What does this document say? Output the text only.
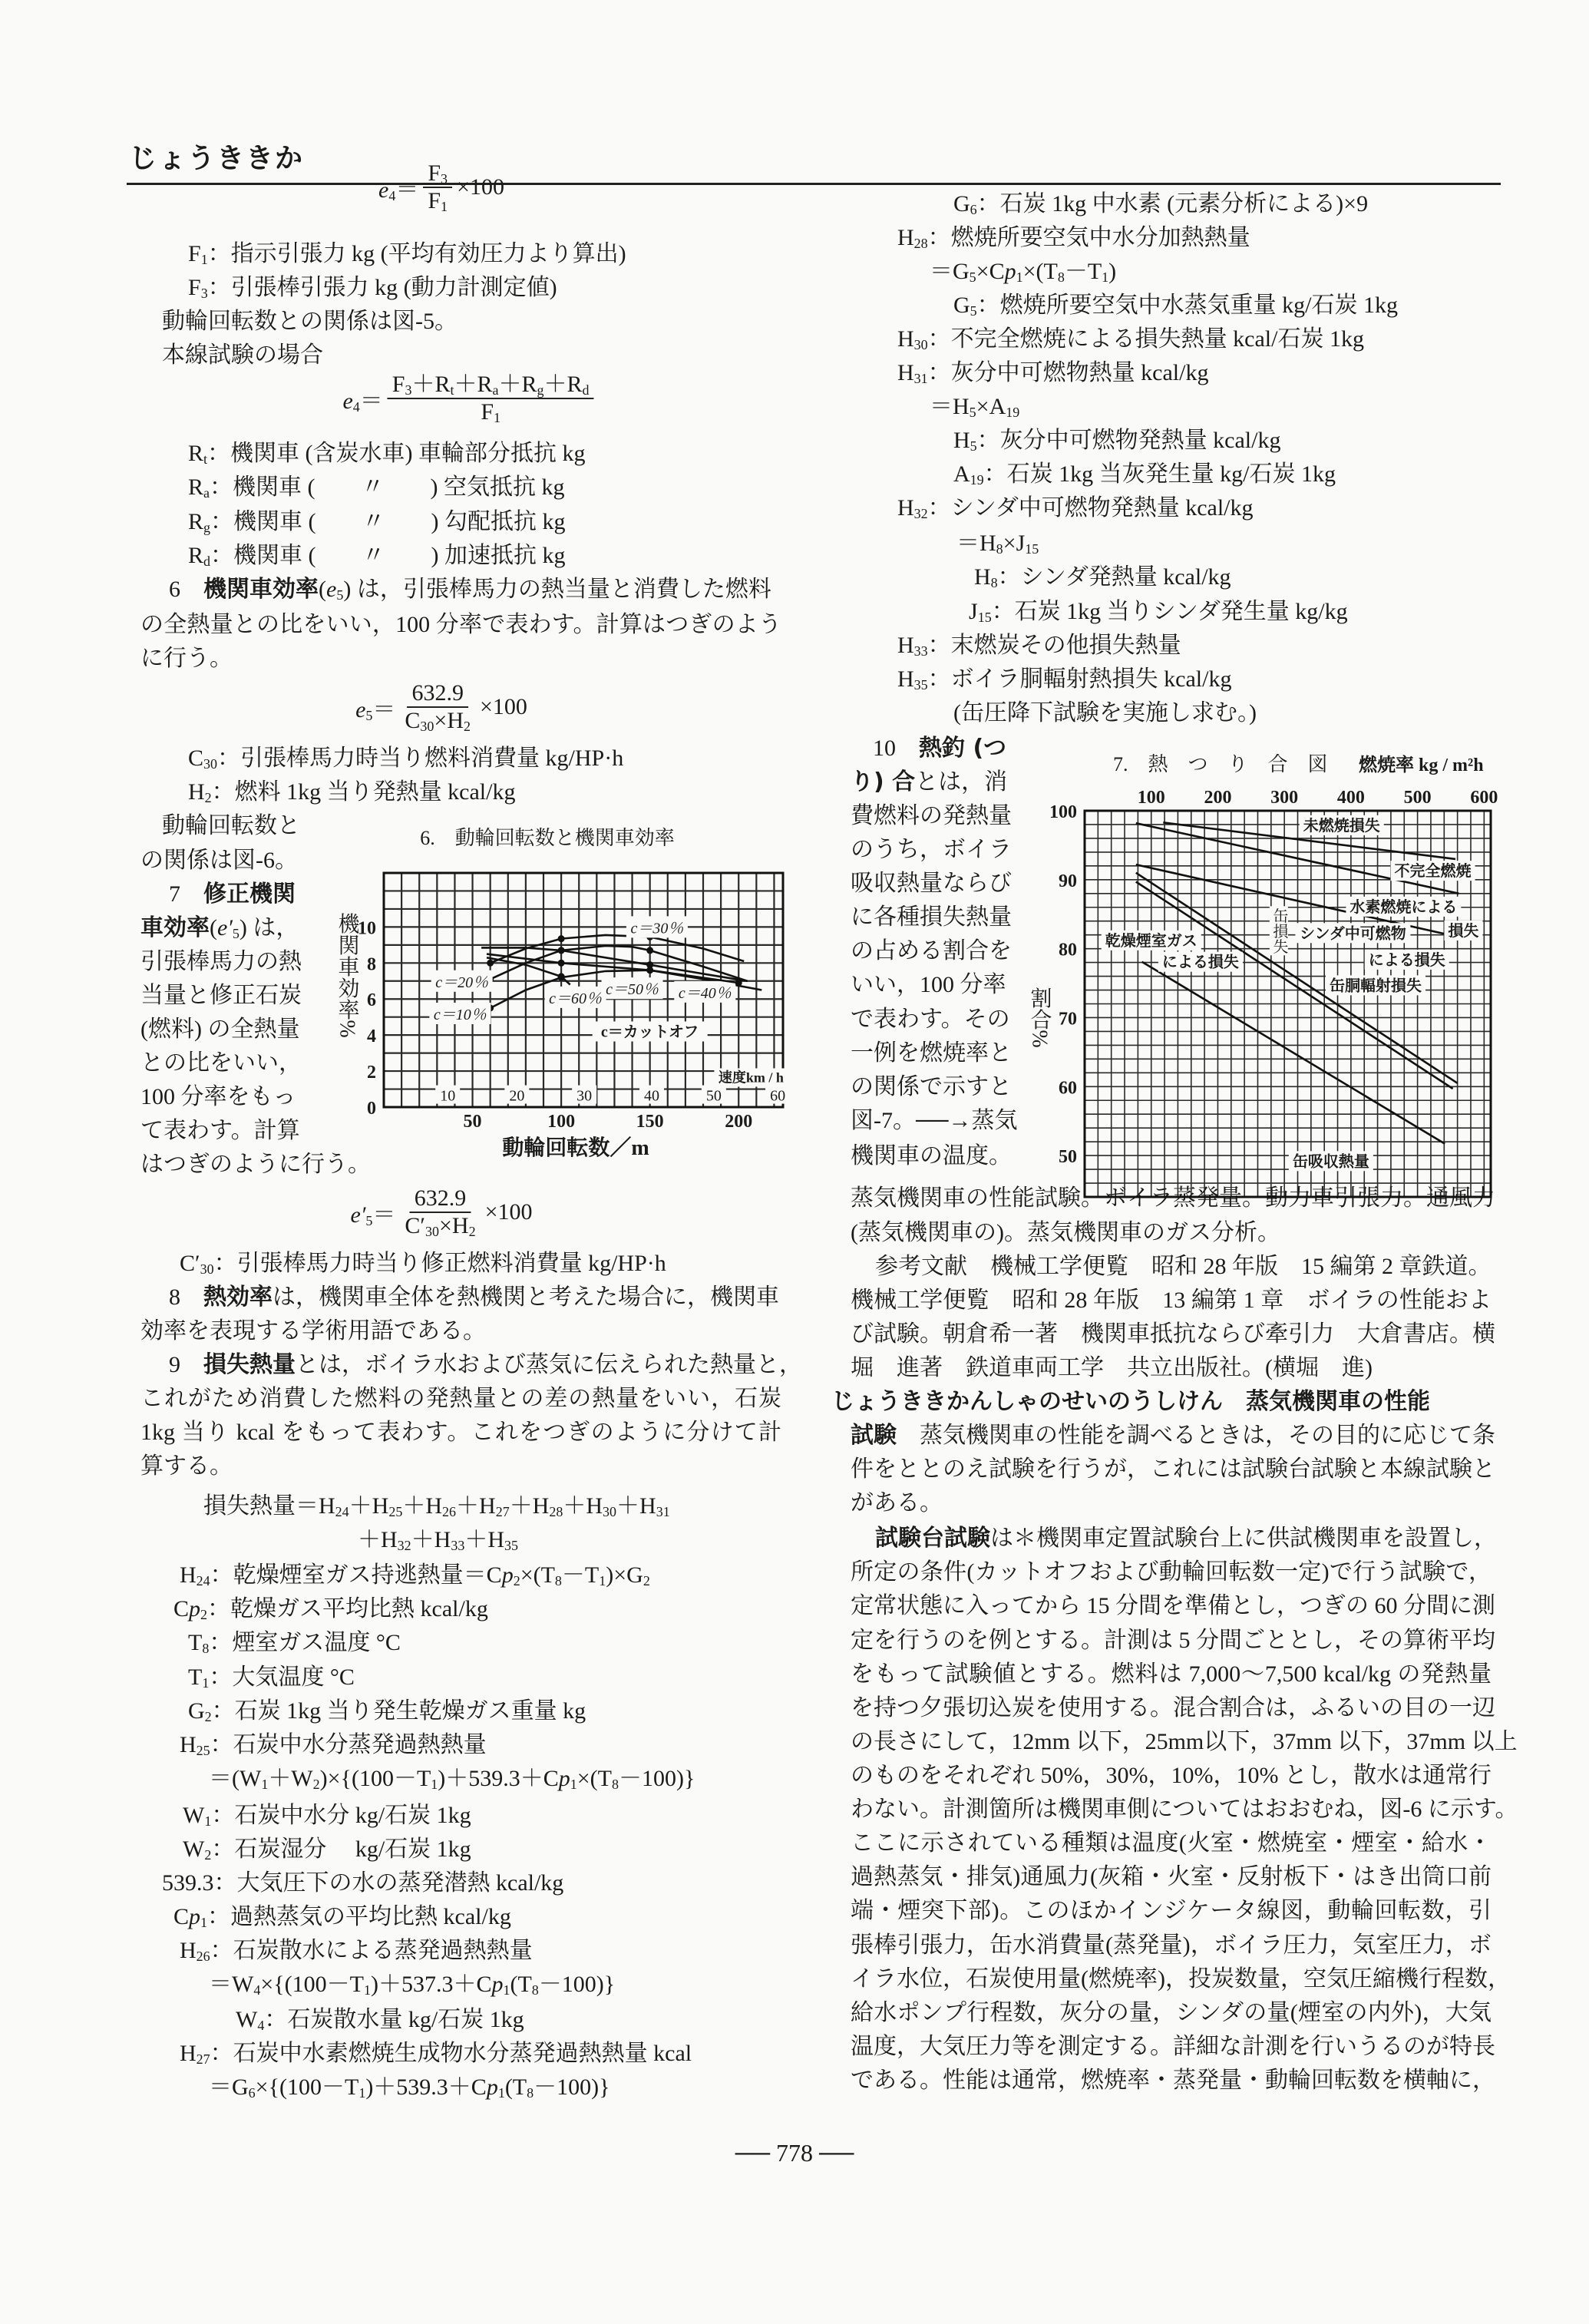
じょうききか
$e_4= \frac{F_3}{F_1} \times 100$
$F_1$：指示引張力 kg (平均有効圧力より算出)
$F_3$：引張棒引張力 kg (動力計測定値)
動輪回転数との関係は図-5。
本線試験の場合
$e_4= \frac{F_3+R_t+R_a+R_g+R_d}{F_1}$
$R_t$：機関車 (含炭水車) 車輪部分抵抗 kg
$R_a$：機関車 (　　〃　　) 空気抵抗 kg
$R_g$：機関車 (　　〃　　) 勾配抵抗 kg
$R_d$：機関車 (　　〃　　) 加速抵抗 kg
6　機関車効率$(e_5)$ は，引張棒馬力の熱当量と消費した燃料
の全熱量との比をいい，100 分率で表わす。計算はつぎのよう
に行う。
$e_5= \frac{632.9}{C_{30}\times H_2} \times 100$
$C_{30}$：引張棒馬力時当り燃料消費量 kg/HP·h
$H_2$：燃料 1kg 当り発熱量 kcal/kg
動輪回転数と
の関係は図-6。
7　修正機関
車効率$(e'_5)$ は，
引張棒馬力の熱
当量と修正石炭
(燃料) の全熱量
との比をいい，
100 分率をもっ
て表わす。計算
はつぎのように行う。
$e'_5= \frac{632.9}{C'_{30}\times H_2} \times 100$
$C'_{30}$：引張棒馬力時当り修正燃料消費量 kg/HP·h
8　熱効率は，機関車全体を熱機関と考えた場合に，機関車
効率を表現する学術用語である。
9　損失熱量とは，ボイラ水および蒸気に伝えられた熱量と，
これがため消費した燃料の発熱量との差の熱量をいい，石炭
1kg 当り kcal をもって表わす。これをつぎのように分けて計
算する。
損失熱量$=H_{24}+H_{25}+H_{26}+H_{27}+H_{28}+H_{30}+H_{31}$
$+H_{32}+H_{33}+H_{35}$
$H_{24}$：乾燥煙室ガス持逃熱量$=Cp_2\times(T_8-T_1)\times G_2$
$Cp_2$：乾燥ガス平均比熱 kcal/kg
$T_8$：煙室ガス温度 °C
$T_1$：大気温度 °C
$G_2$：石炭 1kg 当り発生乾燥ガス重量 kg
$H_{25}$：石炭中水分蒸発過熱熱量
$=(W_1+W_2)\times\{(100-T_1)+539.3+Cp_1\times(T_8-100)\}$
$W_1$：石炭中水分 kg/石炭 1kg
$W_2$：石炭湿分　 kg/石炭 1kg
539.3：大気圧下の水の蒸発潜熱 kcal/kg
$Cp_1$：過熱蒸気の平均比熱 kcal/kg
$H_{26}$：石炭散水による蒸発過熱熱量
$=W_4\times\{(100-T_1)+537.3+Cp_1(T_8-100)\}$
$W_4$：石炭散水量 kg/石炭 1kg
$H_{27}$：石炭中水素燃焼生成物水分蒸発過熱熱量 kcal
$=G_6\times\{(100-T_1)+539.3+Cp_1(T_8-100)\}$
$G_6$：石炭 1kg 中水素 (元素分析による)×9
$H_{28}$：燃焼所要空気中水分加熱熱量
$=G_5\times Cp_1\times(T_8-T_1)$
$G_5$：燃焼所要空気中水蒸気重量 kg/石炭 1kg
$H_{30}$：不完全燃焼による損失熱量 kcal/石炭 1kg
$H_{31}$：灰分中可燃物熱量 kcal/kg
$=H_5\times A_{19}$
$H_5$：灰分中可燃物発熱量 kcal/kg
$A_{19}$：石炭 1kg 当灰発生量 kg/石炭 1kg
$H_{32}$：シンダ中可燃物発熱量 kcal/kg
$=H_8\times J_{15}$
$H_8$：シンダ発熱量 kcal/kg
$J_{15}$：石炭 1kg 当りシンダ発生量 kg/kg
$H_{33}$：末燃炭その他損失熱量
$H_{35}$：ボイラ胴輻射熱損失 kcal/kg
(缶圧降下試験を実施し求む。)
10　熱釣 (つ
り) 合とは，消
費燃料の発熱量
のうち，ボイラ
吸収熱量ならび
に各種損失熱量
の占める割合を
いい，100 分率
で表わす。その
一例を燃焼率と
の関係で示すと
図-7。──→蒸気
機関車の温度。
蒸気機関車の性能試験。ボイラ蒸発量。動力車引張力。通風力
(蒸気機関車の)。蒸気機関車のガス分析。
参考文献　機械工学便覧　昭和 28 年版　15 編第 2 章鉄道。
機械工学便覧　昭和 28 年版　13 編第 1 章　ボイラの性能およ
び試験。朝倉希一著　機関車抵抗ならび牽引力　大倉書店。横
堀　進著　鉄道車両工学　共立出版社。(横堀　進)
じょうききかんしゃのせいのうしけん　蒸気機関車の性能
試験　蒸気機関車の性能を調べるときは，その目的に応じて条
件をととのえ試験を行うが，これには試験台試験と本線試験と
がある。
試験台試験は＊機関車定置試験台上に供試機関車を設置し，
所定の条件(カットオフおよび動輪回転数一定)で行う試験で，
定常状態に入ってから 15 分間を準備とし，つぎの 60 分間に測
定を行うのを例とする。計測は 5 分間ごととし，その算術平均
をもって試験値とする。燃料は 7,000～7,500 kcal/kg の発熱量
を持つ夕張切込炭を使用する。混合割合は，ふるいの目の一辺
の長さにして，12mm 以下，25mm以下，37mm 以下，37mm 以上
のものをそれぞれ 50%，30%，10%，10% とし，散水は通常行
わない。計測箇所は機関車側についてはおおむね，図-6 に示す。
ここに示されている種類は温度(火室・燃焼室・煙室・給水・
過熱蒸気・排気)通風力(灰箱・火室・反射板下・はき出筒口前
端・煙突下部)。このほかインジケータ線図，動輪回転数，引
張棒引張力，缶水消費量(蒸発量)，ボイラ圧力，気室圧力，ボ
イラ水位，石炭使用量(燃焼率)，投炭数量，空気圧縮機行程数，
給水ポンプ行程数，灰分の量，シンダの量(煙室の内外)，大気
温度，大気圧力等を測定する。詳細な計測を行いうるのが特長
である。性能は通常，燃焼率・蒸発量・動輪回転数を横軸に，
6.　動輪回転数と機関車効率
50	100	150	200
0
2
4
6
8
10
動輪回転数／m
機関車効率%	c＝30％
c＝20％
c＝10％
c＝40％
c＝50％
c＝60％
c＝カットオフ
10	20	30	40	50	60
速度km / h
7.　熱　つ　り　合　図
100 200 300 400 500 600
50
60
70
80
90
100
燃焼率 kg / m²h
割合%
未燃焼損失
不完全燃焼
水素燃焼による
損失
缶損失 シンダ中可燃物
による損失
缶胴輻射損失
乾燥煙室ガス
による損失
缶吸収熱量
── 778 ──
